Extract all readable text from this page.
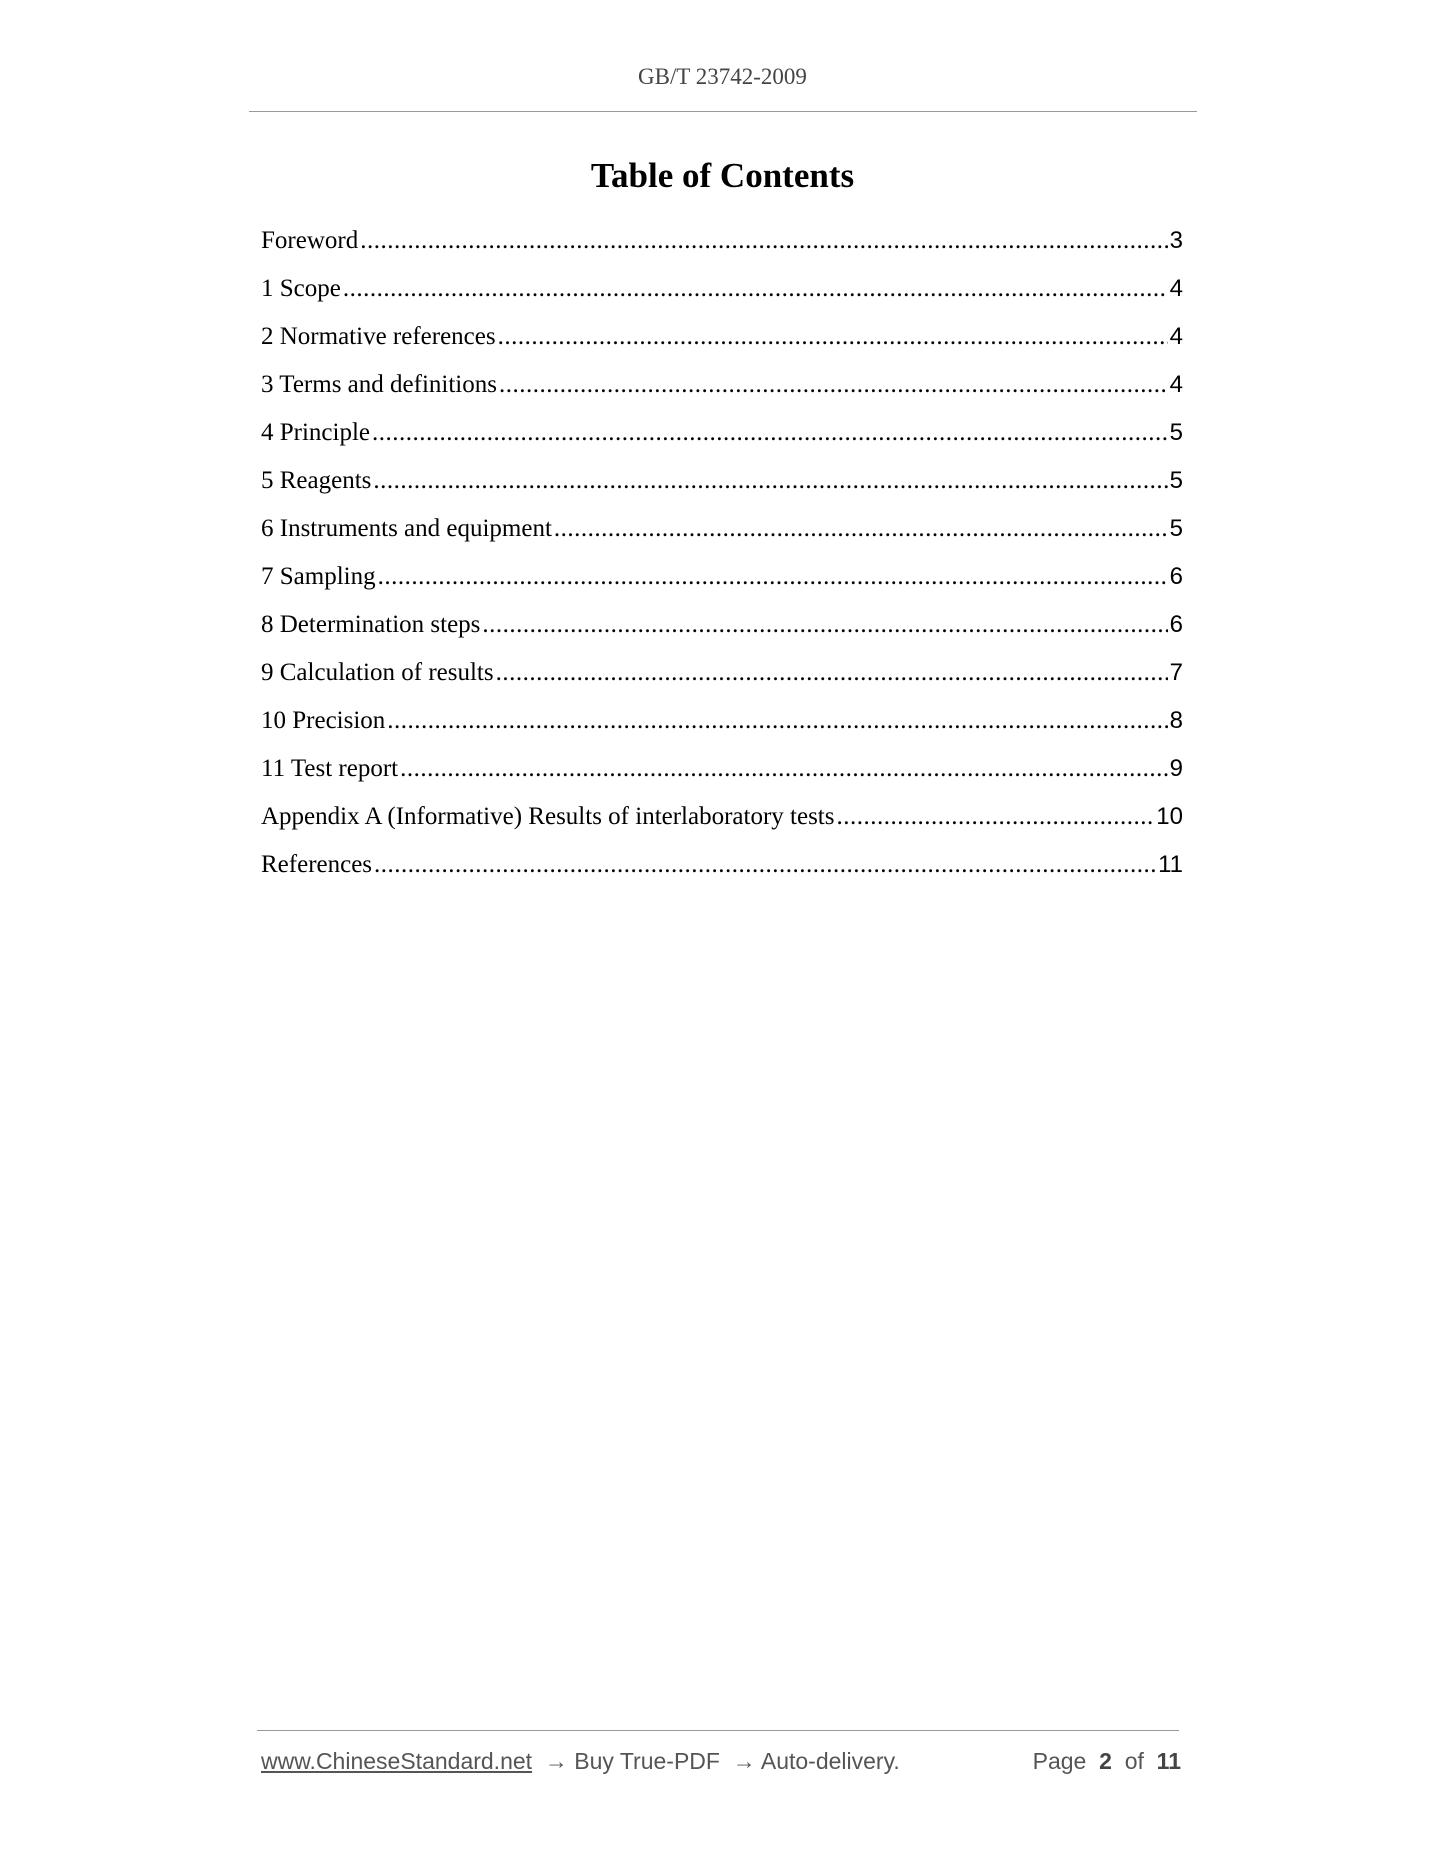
GB/T 23742-2009
Table of Contents
Foreword .....	3
1 Scope .....	4
2 Normative references .....	4
3 Terms and definitions .....	4
4 Principle .....	5
5 Reagents .....	5
6 Instruments and equipment .....	5
7 Sampling .....	6
8 Determination steps .....	6
9 Calculation of results .....	7
10 Precision .....	8
11 Test report .....	9
Appendix A (Informative) Results of interlaboratory tests .....	10
References .....	11
www.ChineseStandard.net → Buy True-PDF → Auto-delivery.	Page 2 of 11
